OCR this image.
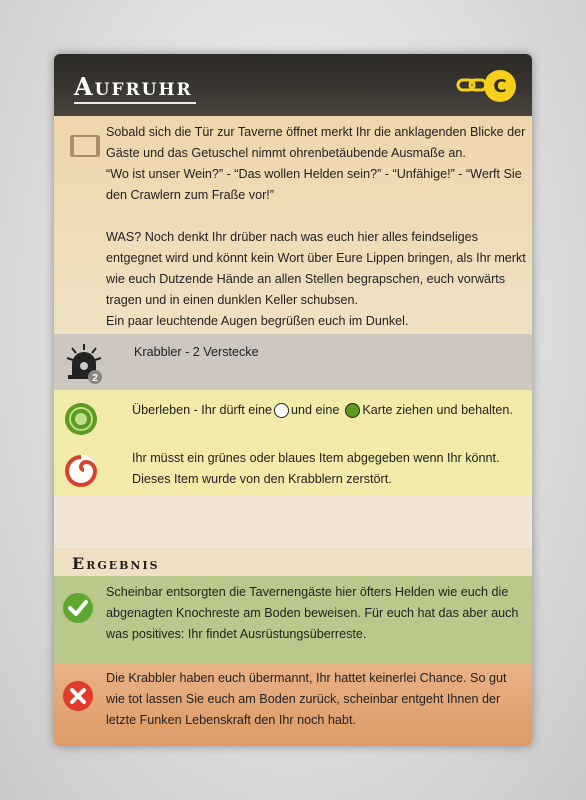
Aufruhr	C
Sobald sich die Tür zur Taverne öffnet merkt Ihr die anklagenden Blicke der
Gäste und das Getuschel nimmt ohrenbetäubende Ausmaße an.
“Wo ist unser Wein?” - “Das wollen Helden sein?” - “Unfähige!” - “Werft Sie
den Crawlern zum Fraße vor!”
WAS? Noch denkt Ihr drüber nach was euch hier alles feindseliges
entgegnet wird und könnt kein Wort über Eure Lippen bringen, als Ihr merkt
wie euch Dutzende Hände an allen Stellen begrapschen, euch vorwärts
tragen und in einen dunklen Keller schubsen.
Ein paar leuchtende Augen begrüßen euch im Dunkel.
2
Krabbler - 2 Verstecke
Überleben - Ihr dürft eine und eine Karte ziehen und behalten.
Ihr müsst ein grünes oder blaues Item abgegeben wenn Ihr könnt.
Dieses Item wurde von den Krabblern zerstört.
Ergebnis
Scheinbar entsorgten die Tavernengäste hier öfters Helden wie euch die
abgenagten Knochreste am Boden beweisen. Für euch hat das aber auch
was positives: Ihr findet Ausrüstungsüberreste.
Die Krabbler haben euch übermannt, Ihr hattet keinerlei Chance. So gut
wie tot lassen Sie euch am Boden zurück, scheinbar entgeht Ihnen der
letzte Funken Lebenskraft den Ihr noch habt.
